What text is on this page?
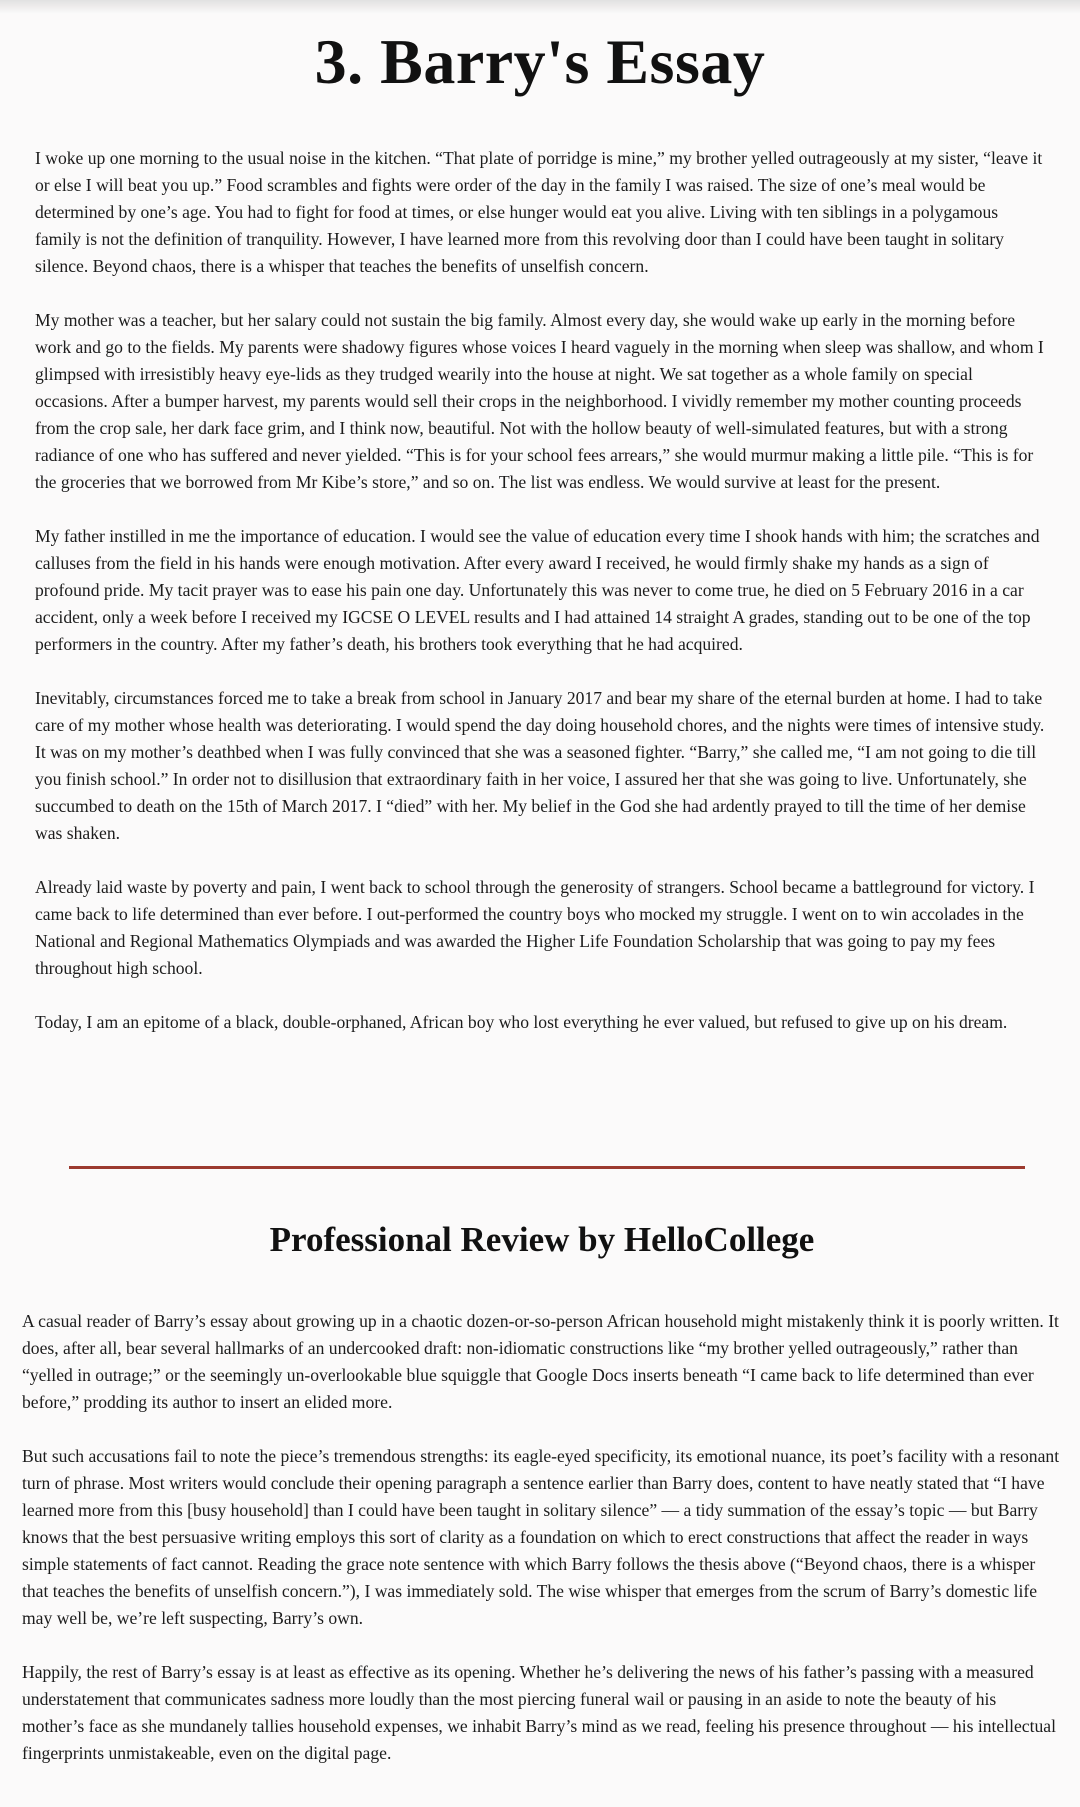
3. Barry's Essay

I woke up one morning to the usual noise in the kitchen. “That plate of porridge is mine,” my brother yelled outrageously at my sister, “leave it or else I will beat you up.” Food scrambles and fights were order of the day in the family I was raised. The size of one’s meal would be determined by one’s age. You had to fight for food at times, or else hunger would eat you alive. Living with ten siblings in a polygamous family is not the definition of tranquility. However, I have learned more from this revolving door than I could have been taught in solitary silence. Beyond chaos, there is a whisper that teaches the benefits of unselfish concern.

My mother was a teacher, but her salary could not sustain the big family. Almost every day, she would wake up early in the morning before work and go to the fields. My parents were shadowy figures whose voices I heard vaguely in the morning when sleep was shallow, and whom I glimpsed with irresistibly heavy eye-lids as they trudged wearily into the house at night. We sat together as a whole family on special occasions. After a bumper harvest, my parents would sell their crops in the neighborhood. I vividly remember my mother counting proceeds from the crop sale, her dark face grim, and I think now, beautiful. Not with the hollow beauty of well-simulated features, but with a strong radiance of one who has suffered and never yielded. “This is for your school fees arrears,” she would murmur making a little pile. “This is for the groceries that we borrowed from Mr Kibe’s store,” and so on. The list was endless. We would survive at least for the present.

My father instilled in me the importance of education. I would see the value of education every time I shook hands with him; the scratches and calluses from the field in his hands were enough motivation. After every award I received, he would firmly shake my hands as a sign of profound pride. My tacit prayer was to ease his pain one day. Unfortunately this was never to come true, he died on 5 February 2016 in a car accident, only a week before I received my IGCSE O LEVEL results and I had attained 14 straight A grades, standing out to be one of the top performers in the country. After my father’s death, his brothers took everything that he had acquired.

Inevitably, circumstances forced me to take a break from school in January 2017 and bear my share of the eternal burden at home. I had to take care of my mother whose health was deteriorating. I would spend the day doing household chores, and the nights were times of intensive study. It was on my mother’s deathbed when I was fully convinced that she was a seasoned fighter. “Barry,” she called me, “I am not going to die till you finish school.” In order not to disillusion that extraordinary faith in her voice, I assured her that she was going to live. Unfortunately, she succumbed to death on the 15th of March 2017. I “died” with her. My belief in the God she had ardently prayed to till the time of her demise was shaken.

Already laid waste by poverty and pain, I went back to school through the generosity of strangers. School became a battleground for victory. I came back to life determined than ever before. I out-performed the country boys who mocked my struggle. I went on to win accolades in the National and Regional Mathematics Olympiads and was awarded the Higher Life Foundation Scholarship that was going to pay my fees throughout high school.

Today, I am an epitome of a black, double-orphaned, African boy who lost everything he ever valued, but refused to give up on his dream.

Professional Review by HelloCollege

A casual reader of Barry’s essay about growing up in a chaotic dozen-or-so-person African household might mistakenly think it is poorly written. It does, after all, bear several hallmarks of an undercooked draft: non-idiomatic constructions like “my brother yelled outrageously,” rather than “yelled in outrage;” or the seemingly un-overlookable blue squiggle that Google Docs inserts beneath “I came back to life determined than ever before,” prodding its author to insert an elided more.

But such accusations fail to note the piece’s tremendous strengths: its eagle-eyed specificity, its emotional nuance, its poet’s facility with a resonant turn of phrase. Most writers would conclude their opening paragraph a sentence earlier than Barry does, content to have neatly stated that “I have learned more from this [busy household] than I could have been taught in solitary silence” — a tidy summation of the essay’s topic — but Barry knows that the best persuasive writing employs this sort of clarity as a foundation on which to erect constructions that affect the reader in ways simple statements of fact cannot. Reading the grace note sentence with which Barry follows the thesis above (“Beyond chaos, there is a whisper that teaches the benefits of unselfish concern.”), I was immediately sold. The wise whisper that emerges from the scrum of Barry’s domestic life may well be, we’re left suspecting, Barry’s own.

Happily, the rest of Barry’s essay is at least as effective as its opening. Whether he’s delivering the news of his father’s passing with a measured understatement that communicates sadness more loudly than the most piercing funeral wail or pausing in an aside to note the beauty of his mother’s face as she mundanely tallies household expenses, we inhabit Barry’s mind as we read, feeling his presence throughout — his intellectual fingerprints unmistakeable, even on the digital page.
